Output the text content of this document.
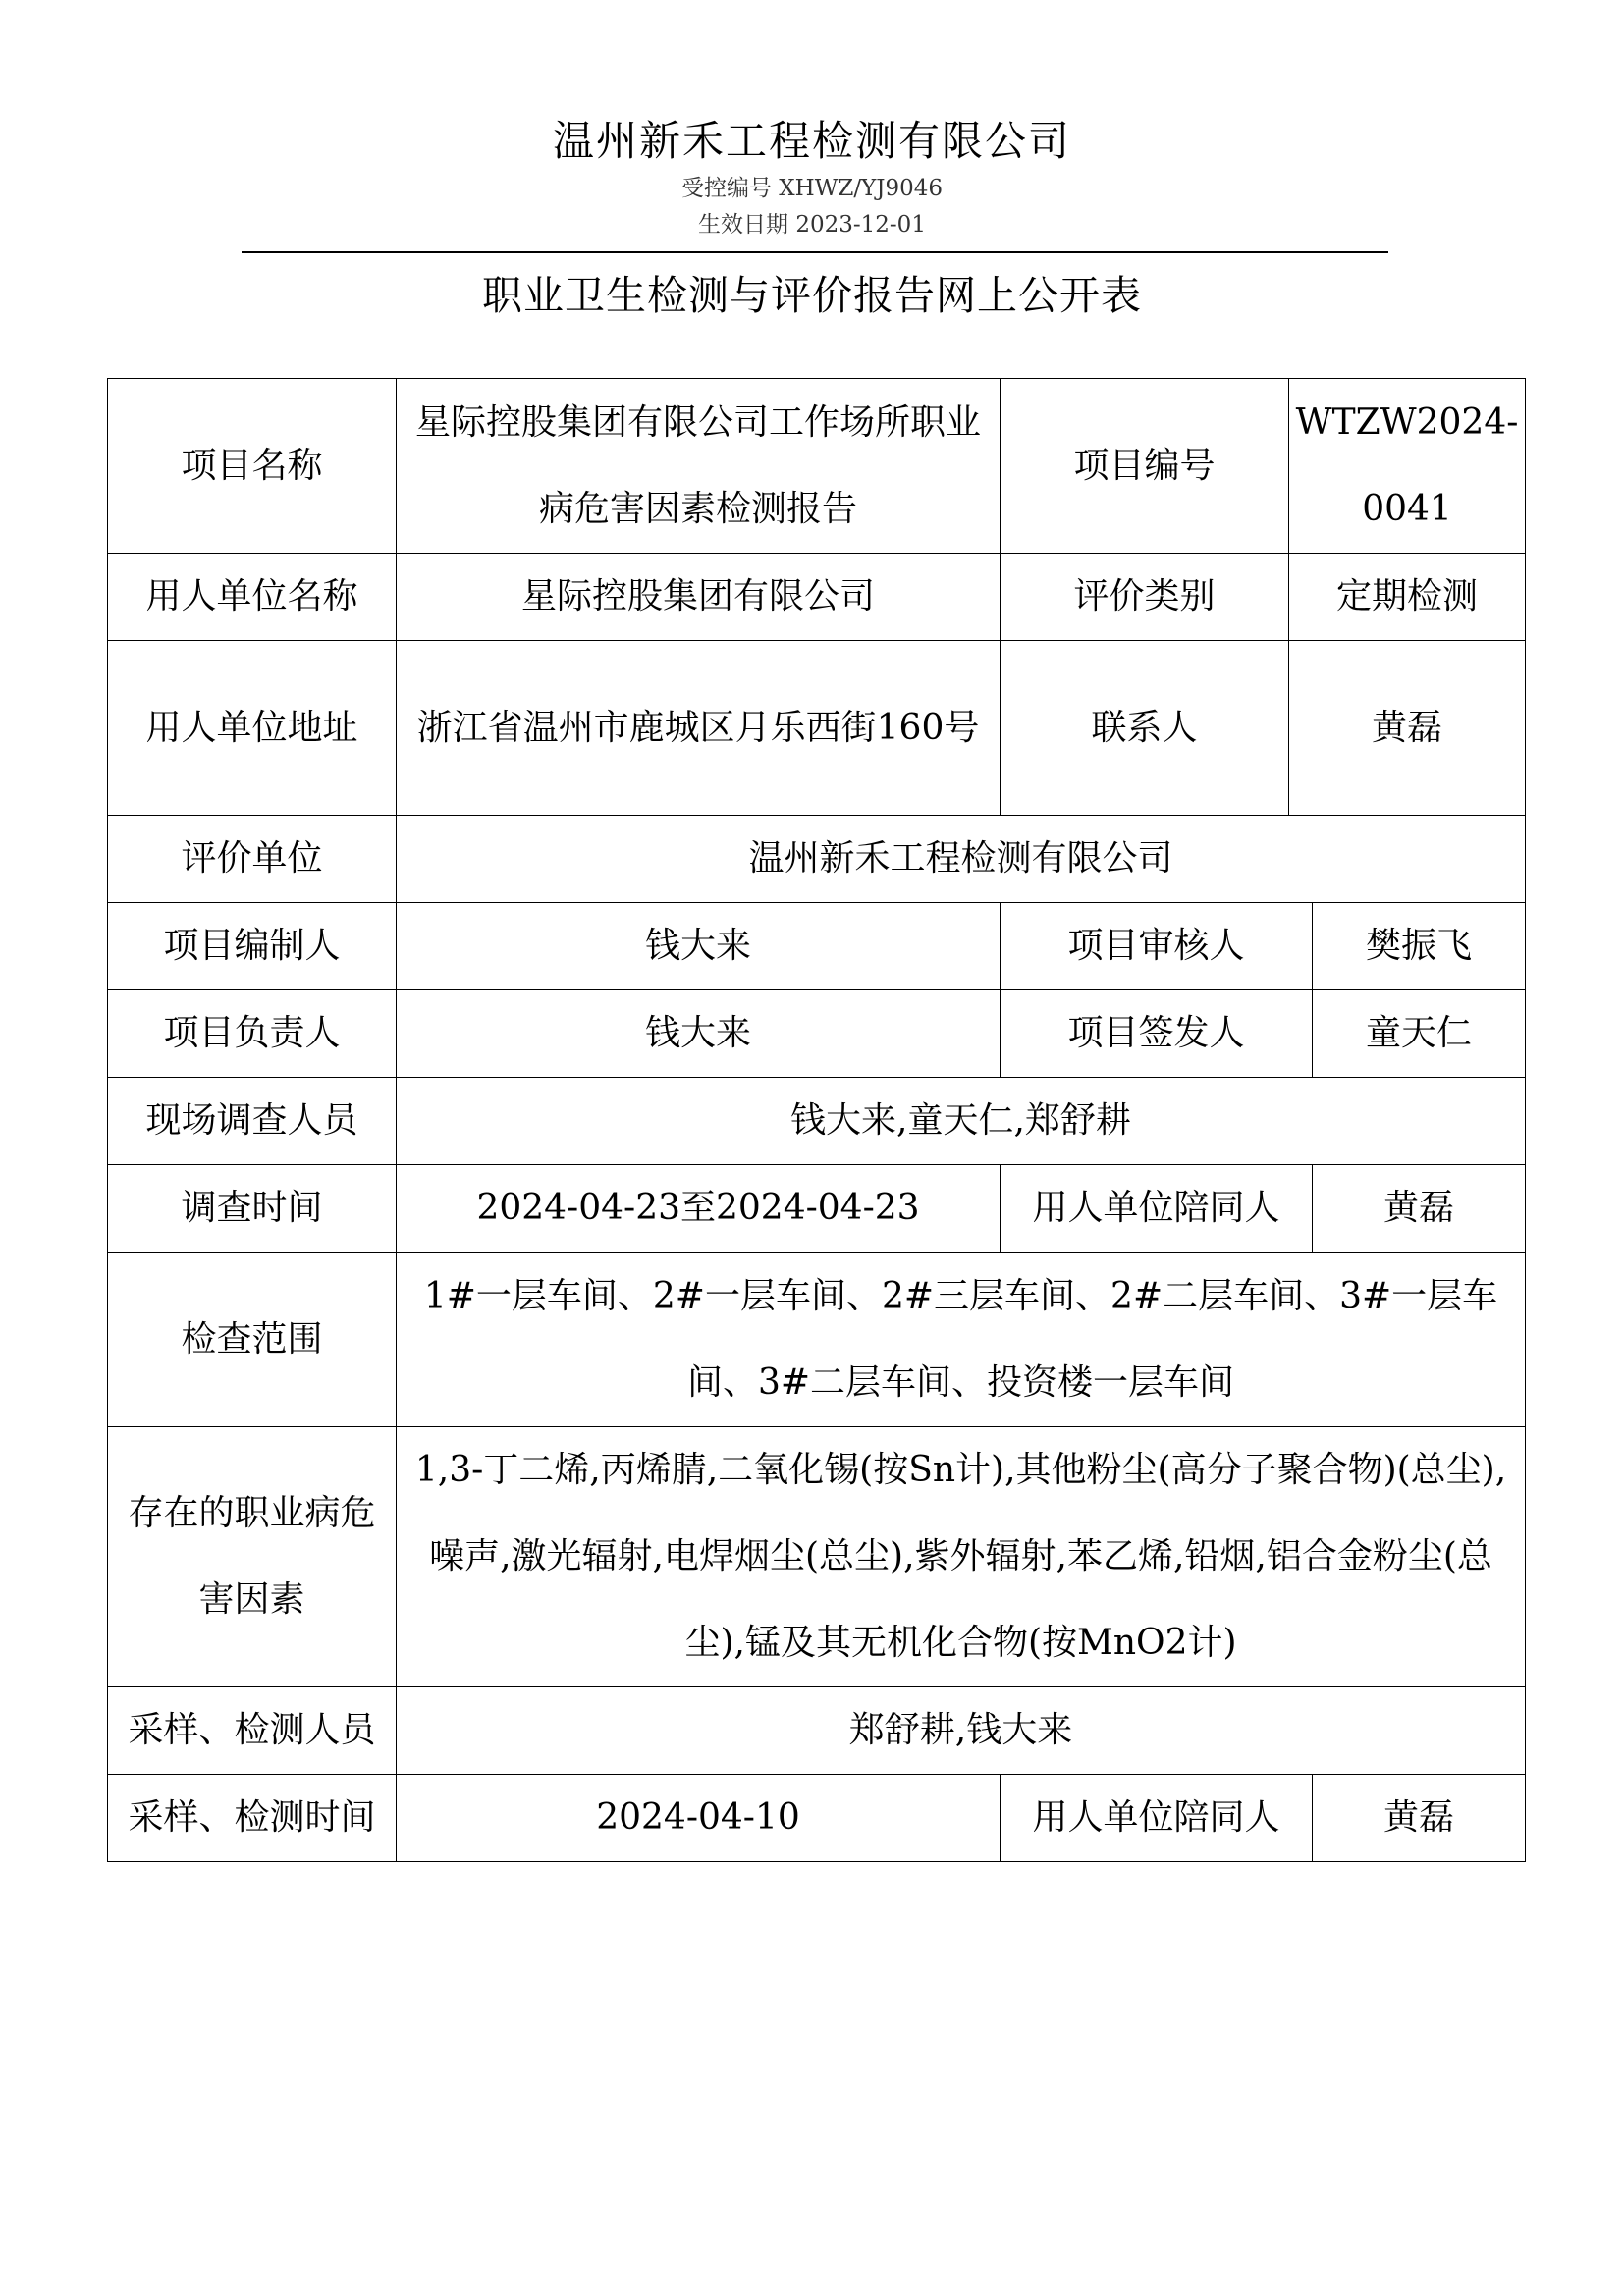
温州新禾工程检测有限公司
受控编号 XHWZ/YJ9046
生效日期 2023-12-01
职业卫生检测与评价报告网上公开表
项目名称	星际控股集团有限公司工作场所职业病危害因素检测报告	项目编号	WTZW2024-0041	
用人单位名称	星际控股集团有限公司	评价类别	定期检测	
用人单位地址	浙江省温州市鹿城区月乐西街160号	联系人	黄磊	
评价单位	温州新禾工程检测有限公司			
项目编制人	钱大来	项目审核人		樊振飞
项目负责人	钱大来	项目签发人		童天仁
现场调查人员	钱大来,童天仁,郑舒耕			
调查时间	2024-04-23至2024-04-23	用人单位陪同人		黄磊
检查范围	1#一层车间、2#一层车间、2#三层车间、2#二层车间、3#一层车间、3#二层车间、投资楼一层车间			
存在的职业病危害因素	1,3-丁二烯,丙烯腈,二氧化锡(按Sn计),其他粉尘(高分子聚合物)(总尘),噪声,激光辐射,电焊烟尘(总尘),紫外辐射,苯乙烯,铅烟,铝合金粉尘(总尘),锰及其无机化合物(按MnO2计)			
采样、检测人员	郑舒耕,钱大来			
采样、检测时间	2024-04-10	用人单位陪同人		黄磊
